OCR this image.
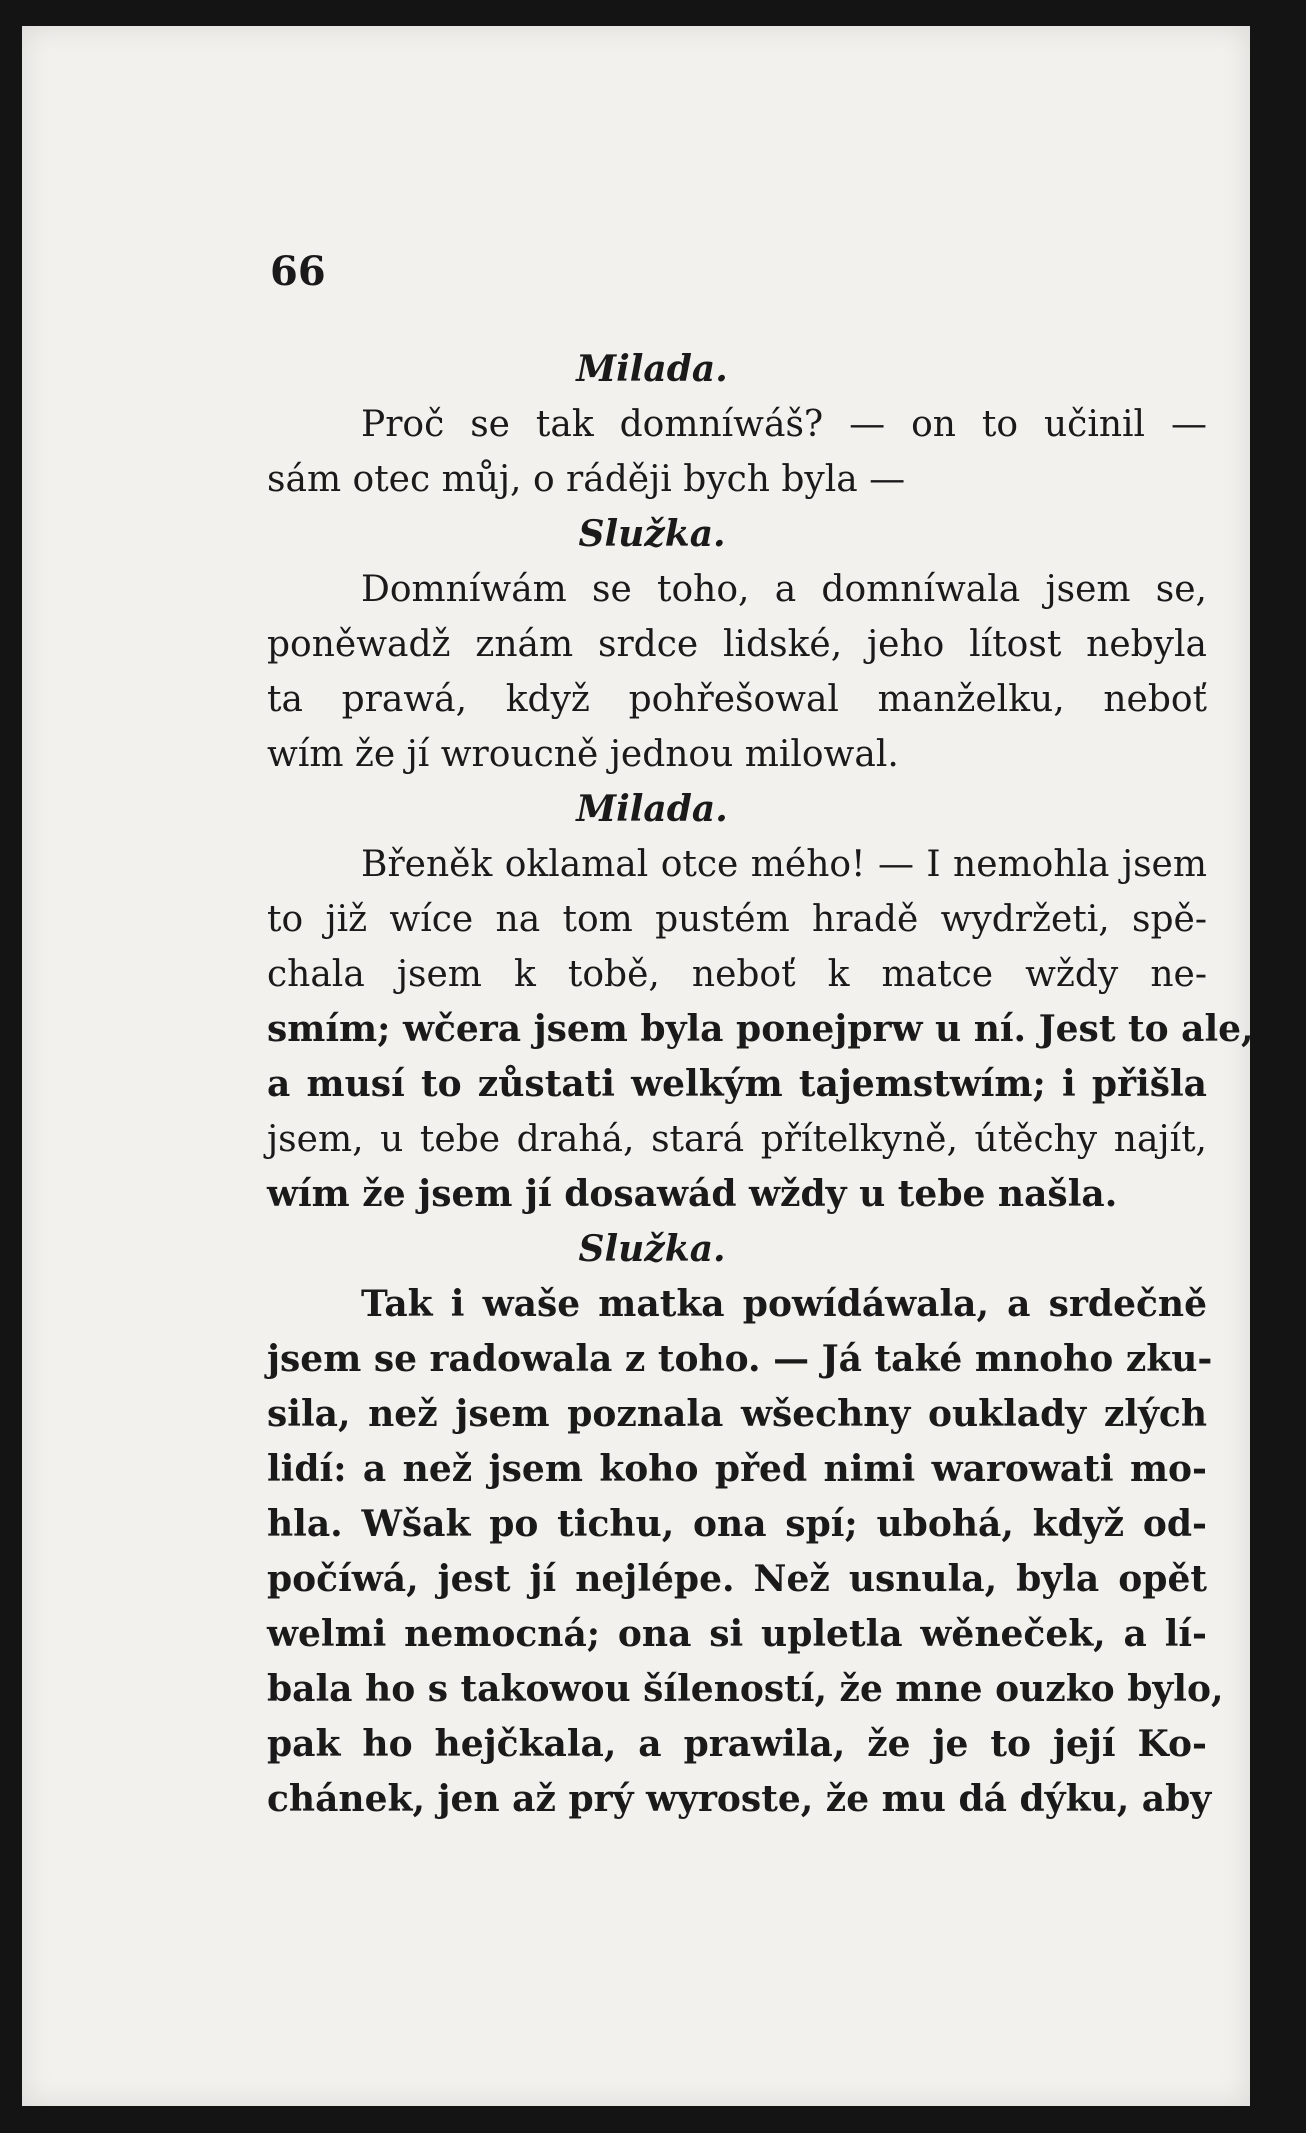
66
Milada.
Proč se tak domníwáš? — on to učinil —
sám otec můj, o ráději bych byla —
Služka.
Domníwám se toho, a domníwala jsem se,
poněwadž znám srdce lidské, jeho lítost nebyla
ta prawá, když pohřešowal manželku, neboť
wím že jí wroucně jednou milowal.
Milada.
Břeněk oklamal otce mého! — I nemohla jsem
to již wíce na tom pustém hradě wydržeti, spě-
chala jsem k tobě, neboť k matce wždy ne-
smím; wčera jsem byla ponejprw u ní. Jest to ale,
a musí to zůstati welkým tajemstwím; i přišla
jsem, u tebe drahá, stará přítelkyně, útěchy najít,
wím že jsem jí dosawád wždy u tebe našla.
Služka.
Tak i waše matka powídáwala, a srdečně
jsem se radowala z toho. — Já také mnoho zku-
sila, než jsem poznala wšechny ouklady zlých
lidí: a než jsem koho před nimi warowati mo-
hla. Wšak po tichu, ona spí; ubohá, když od-
počíwá, jest jí nejlépe. Než usnula, byla opět
welmi nemocná; ona si upletla wěneček, a lí-
bala ho s takowou šíleností, že mne ouzko bylo,
pak ho hejčkala, a prawila, že je to její Ko-
chánek, jen až prý wyroste, že mu dá dýku, aby
